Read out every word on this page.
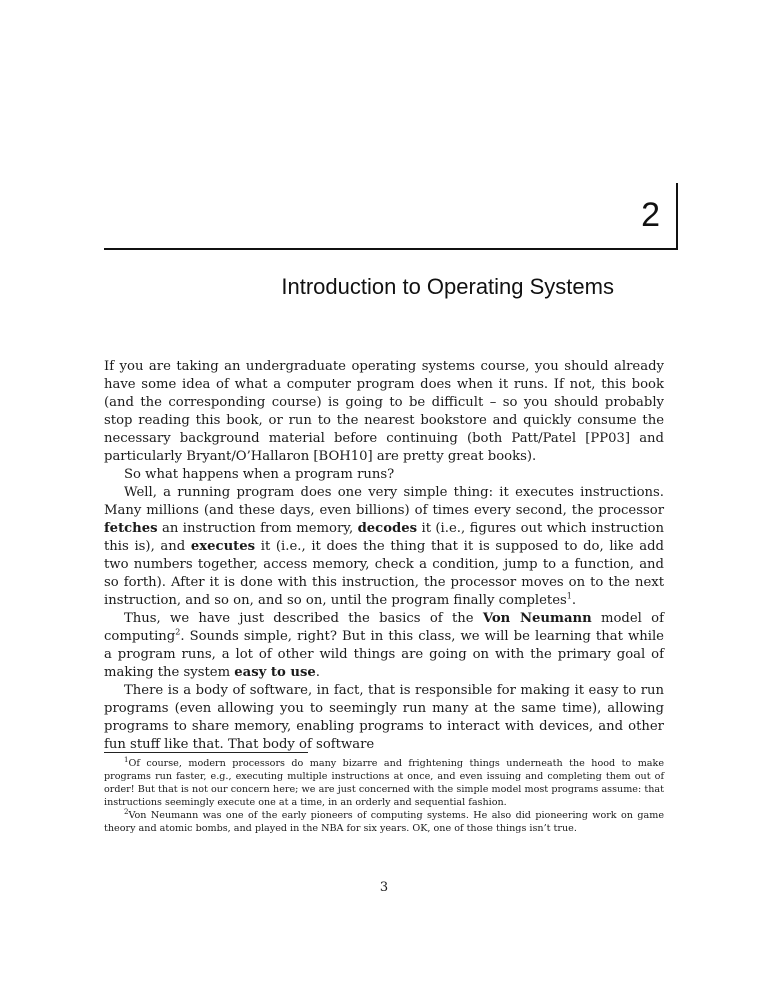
2
Introduction to Operating Systems

If you are taking an undergraduate operating systems course, you should already have some idea of what a computer program does when it runs. If not, this book (and the corresponding course) is going to be difficult – so you should probably stop reading this book, or run to the nearest bookstore and quickly consume the necessary background material before continuing (both Patt/Patel [PP03] and particularly Bryant/O’Hallaron [BOH10] are pretty great books).

So what happens when a program runs?

Well, a running program does one very simple thing: it executes instructions. Many millions (and these days, even billions) of times every second, the processor fetches an instruction from memory, decodes it (i.e., figures out which instruction this is), and executes it (i.e., it does the thing that it is supposed to do, like add two numbers together, access memory, check a condition, jump to a function, and so forth). After it is done with this instruction, the processor moves on to the next instruction, and so on, and so on, until the program finally completes$^1$.

Thus, we have just described the basics of the Von Neumann model of computing$^2$. Sounds simple, right? But in this class, we will be learning that while a program runs, a lot of other wild things are going on with the primary goal of making the system easy to use.

There is a body of software, in fact, that is responsible for making it easy to run programs (even allowing you to seemingly run many at the same time), allowing programs to share memory, enabling programs to interact with devices, and other fun stuff like that. That body of software

$^1$Of course, modern processors do many bizarre and frightening things underneath the hood to make programs run faster, e.g., executing multiple instructions at once, and even issuing and completing them out of order! But that is not our concern here; we are just concerned with the simple model most programs assume: that instructions seemingly execute one at a time, in an orderly and sequential fashion.

$^2$Von Neumann was one of the early pioneers of computing systems. He also did pioneering work on game theory and atomic bombs, and played in the NBA for six years. OK, one of those things isn’t true.

3
